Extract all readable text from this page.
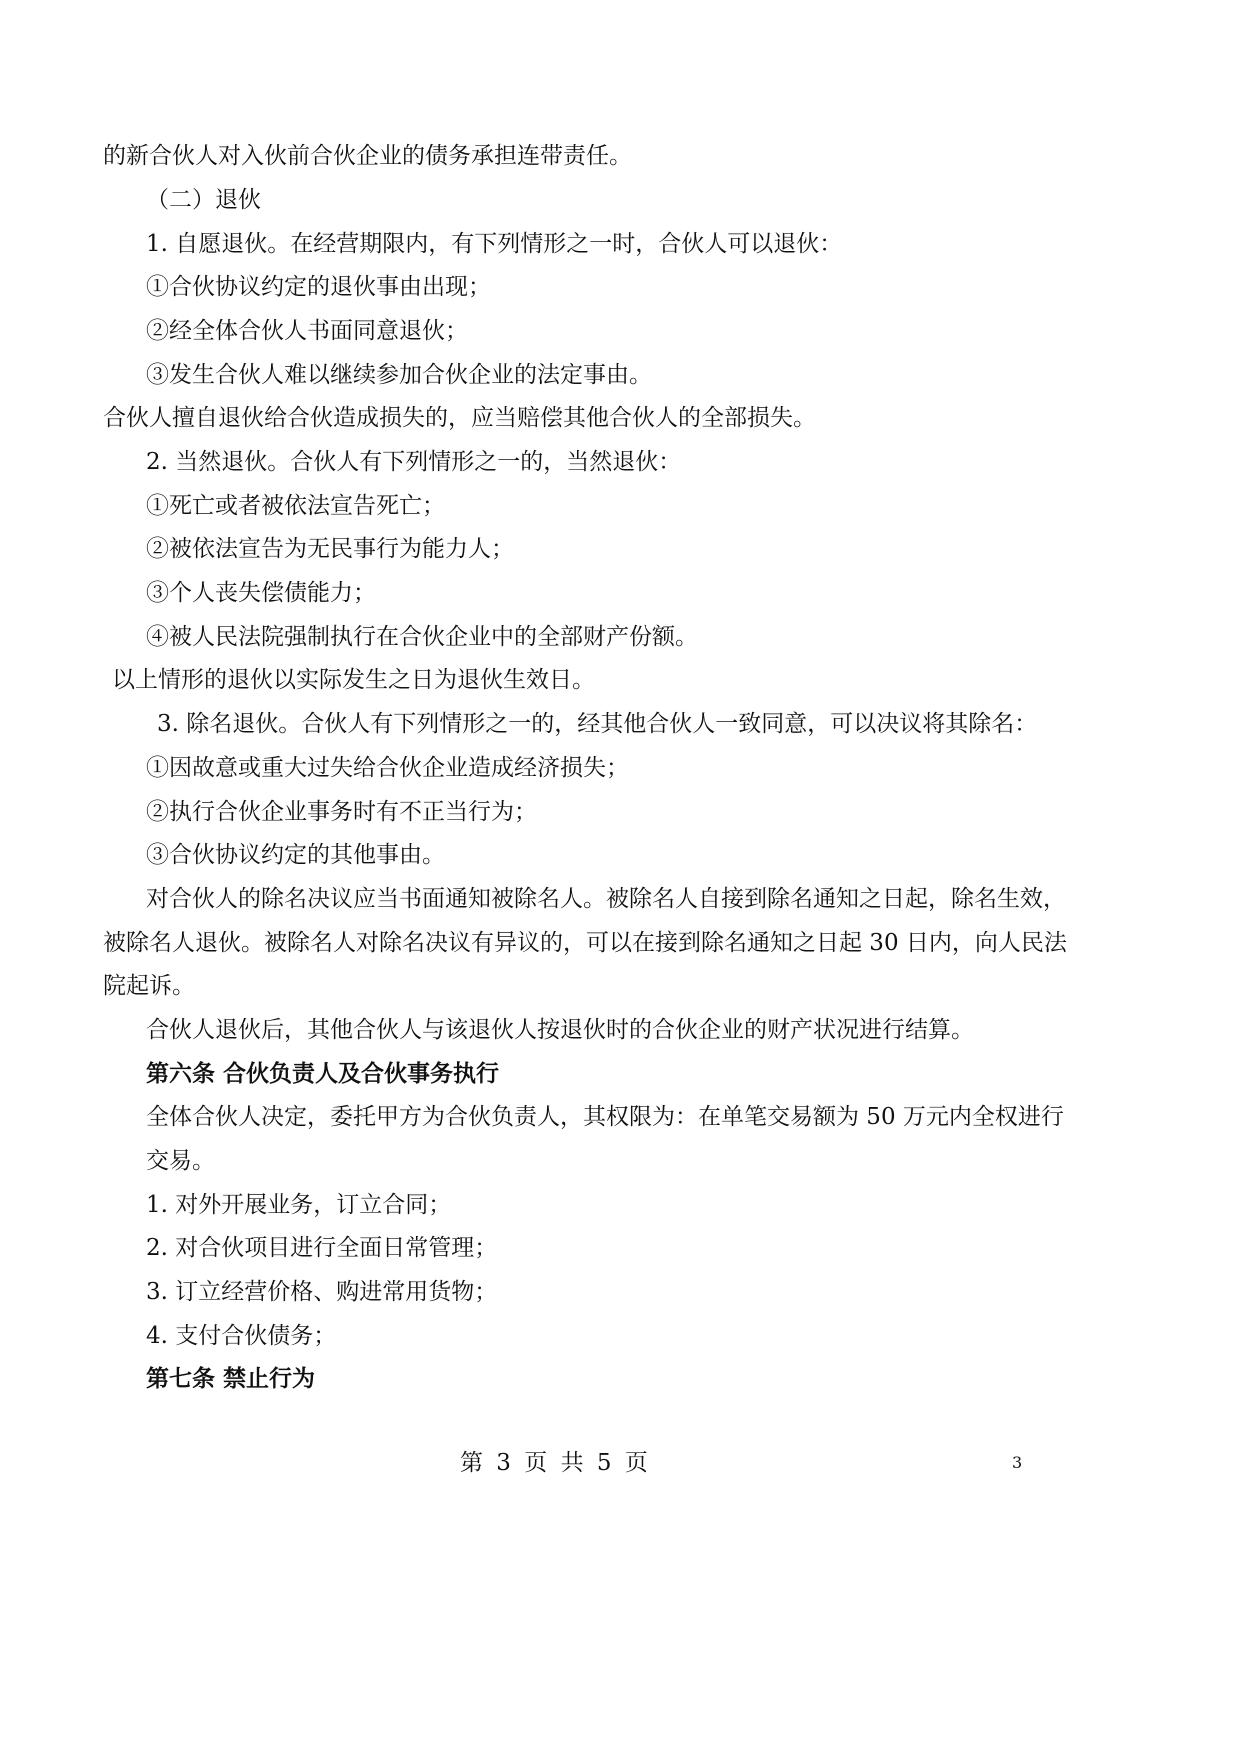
的新合伙人对入伙前合伙企业的债务承担连带责任。

（二）退伙

1. 自愿退伙。在经营期限内，有下列情形之一时，合伙人可以退伙：

①合伙协议约定的退伙事由出现；

②经全体合伙人书面同意退伙；

③发生合伙人难以继续参加合伙企业的法定事由。

合伙人擅自退伙给合伙造成损失的，应当赔偿其他合伙人的全部损失。

2. 当然退伙。合伙人有下列情形之一的，当然退伙：

①死亡或者被依法宣告死亡；

②被依法宣告为无民事行为能力人；

③个人丧失偿债能力；

④被人民法院强制执行在合伙企业中的全部财产份额。

以上情形的退伙以实际发生之日为退伙生效日。

3. 除名退伙。合伙人有下列情形之一的，经其他合伙人一致同意，可以决议将其除名：

①因故意或重大过失给合伙企业造成经济损失；

②执行合伙企业事务时有不正当行为；

③合伙协议约定的其他事由。

对合伙人的除名决议应当书面通知被除名人。被除名人自接到除名通知之日起，除名生效，

被除名人退伙。被除名人对除名决议有异议的，可以在接到除名通知之日起 30 日内，向人民法

院起诉。

合伙人退伙后，其他合伙人与该退伙人按退伙时的合伙企业的财产状况进行结算。

第六条 合伙负责人及合伙事务执行

全体合伙人决定，委托甲方为合伙负责人，其权限为：在单笔交易额为 50 万元内全权进行

交易。

1. 对外开展业务，订立合同；

2. 对合伙项目进行全面日常管理；

3. 订立经营价格、购进常用货物；

4. 支付合伙债务；

第七条 禁止行为

第 3 页 共 5 页	3
